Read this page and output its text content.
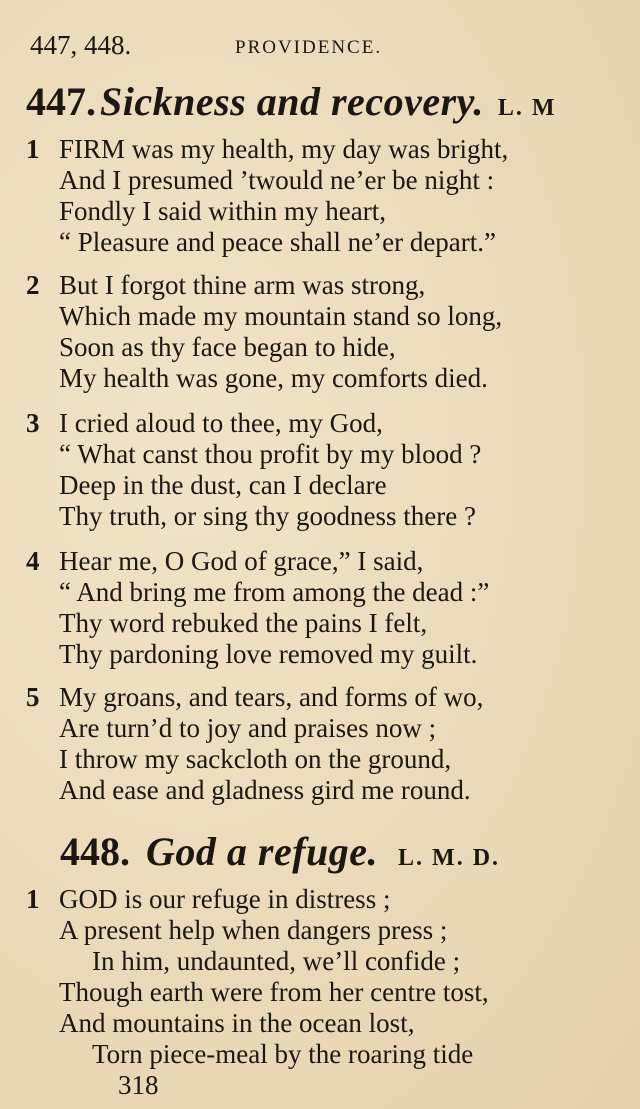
447, 448.	PROVIDENCE.
447. Sickness and recovery. L. M
1 FIRM was my health, my day was bright,
And I presumed ’twould ne’er be night :
Fondly I said within my heart,
“ Pleasure and peace shall ne’er depart.”
2 But I forgot thine arm was strong,
Which made my mountain stand so long,
Soon as thy face began to hide,
My health was gone, my comforts died.
3 I cried aloud to thee, my God,
“ What canst thou profit by my blood ?
Deep in the dust, can I declare
Thy truth, or sing thy goodness there ?
4 Hear me, O God of grace,” I said,
“ And bring me from among the dead :”
Thy word rebuked the pains I felt,
Thy pardoning love removed my guilt.
5 My groans, and tears, and forms of wo,
Are turn’d to joy and praises now ;
I throw my sackcloth on the ground,
And ease and gladness gird me round.
448. God a refuge. L. M. D.
1 GOD is our refuge in distress ;
A present help when dangers press ;
In him, undaunted, we’ll confide ;
Though earth were from her centre tost,
And mountains in the ocean lost,
Torn piece-meal by the roaring tide
318
